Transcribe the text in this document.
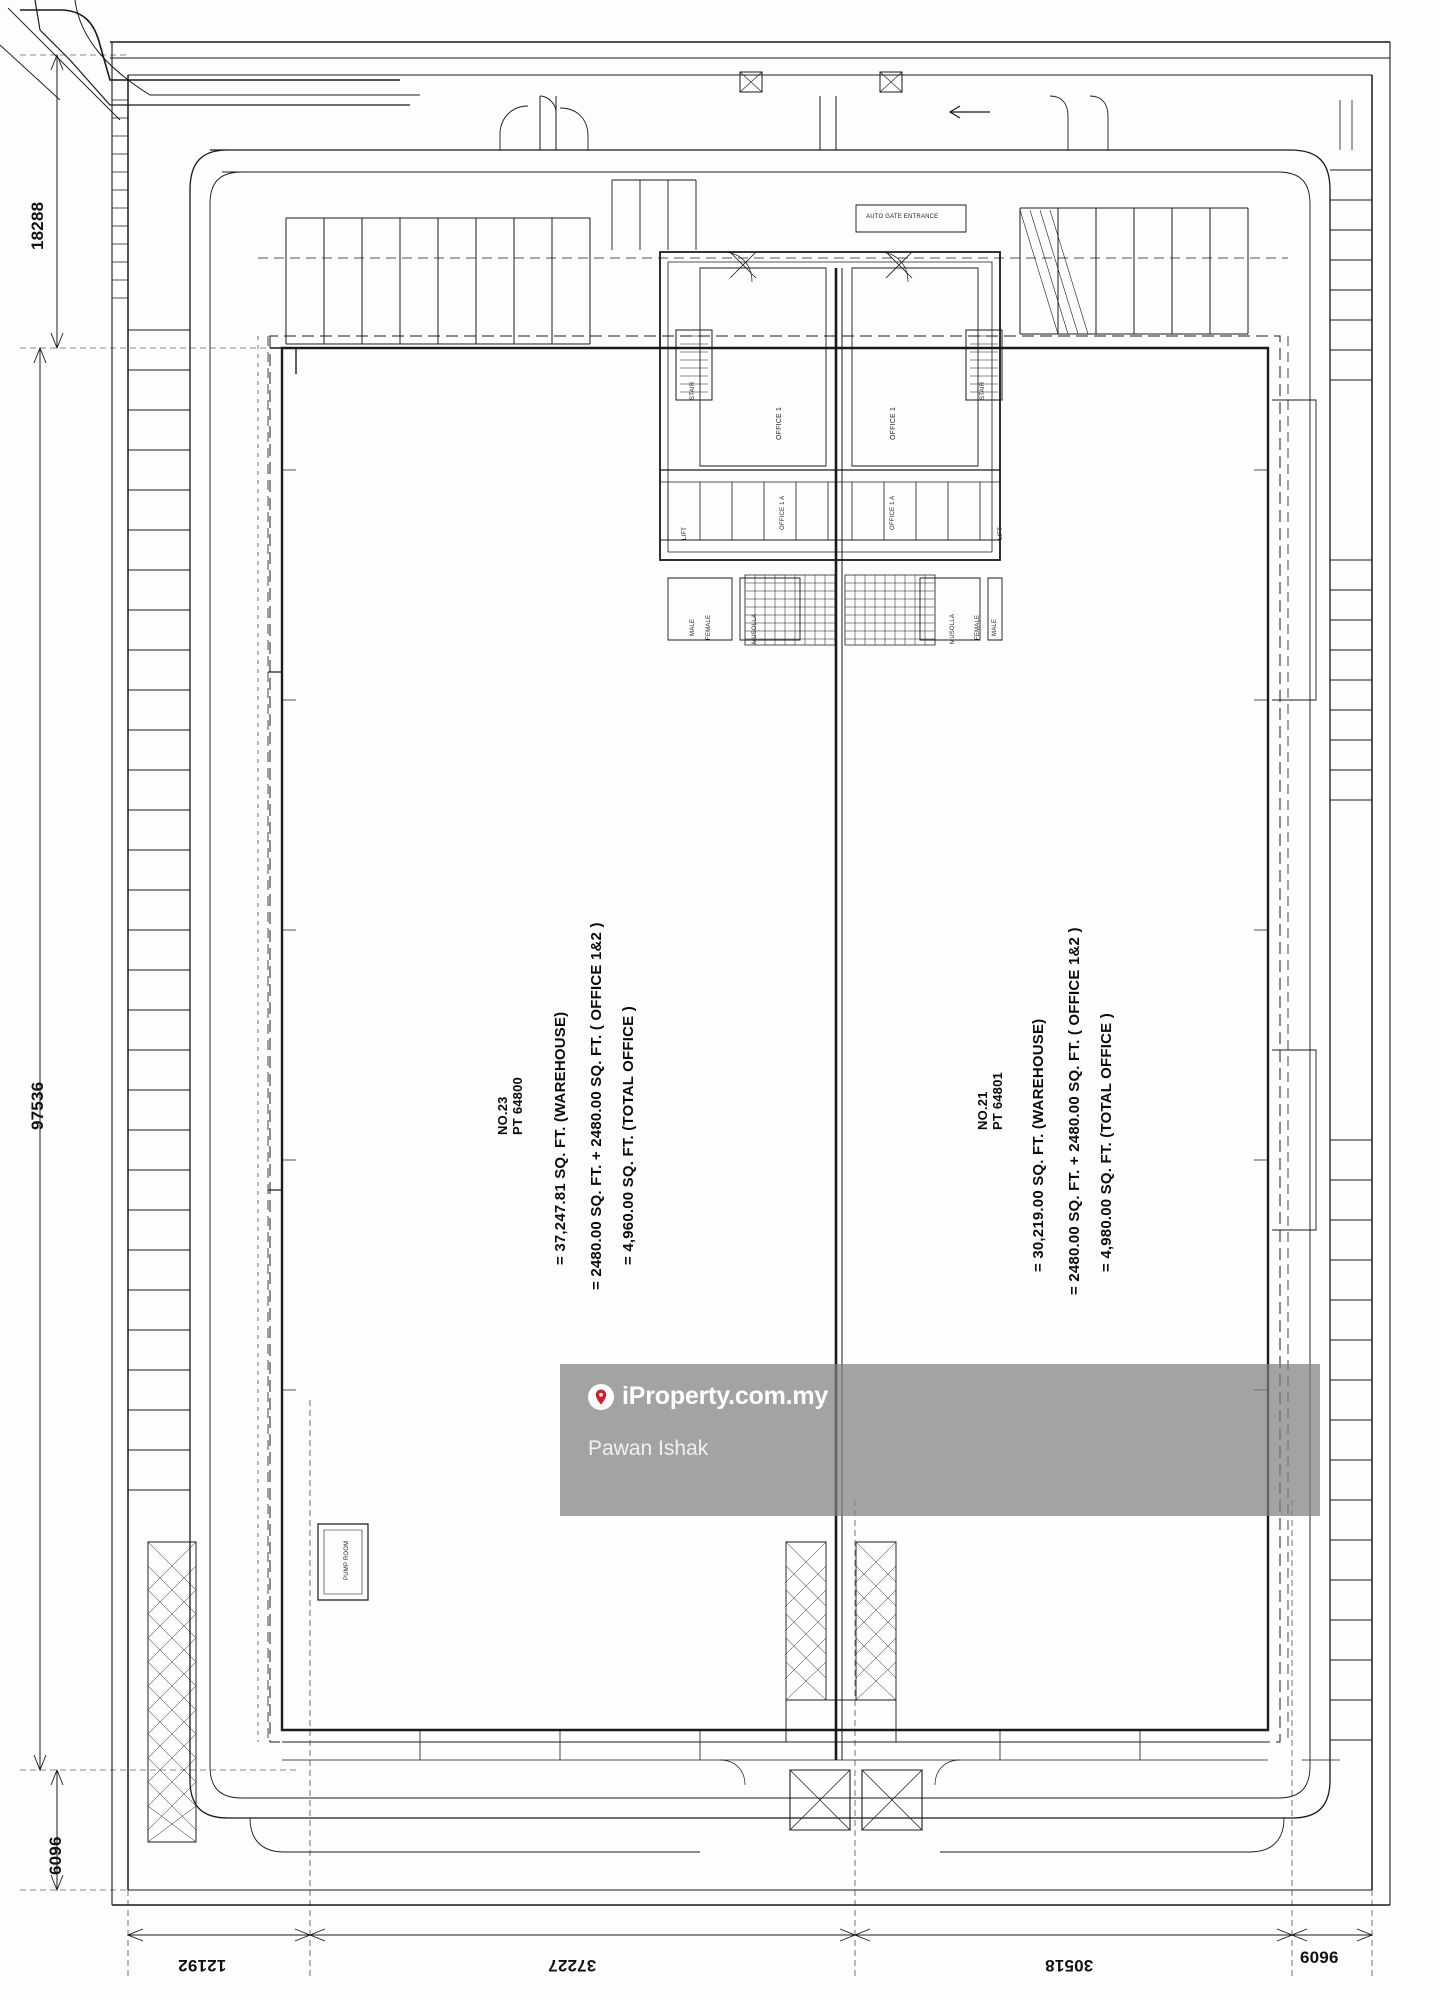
18288
97536
6096
12192	37227	30518	6096
NO.23 PT 64800 = 37,247.81 SQ. FT. (WAREHOUSE) = 2480.00 SQ. FT. + 2480.00 SQ. FT. ( OFFICE 1&2 ) = 4,960.00 SQ. FT. (TOTAL OFFICE )	NO.21 PT 64801 = 30,219.00 SQ. FT. (WAREHOUSE) = 2480.00 SQ. FT. + 2480.00 SQ. FT. ( OFFICE 1&2 ) = 4,980.00 SQ. FT. (TOTAL OFFICE )
OFFICE 1	OFFICE 1
OFFICE 1 A	OFFICE 1 A
MALE FEMALE	MUSOLLA	MUSOLLA	FEMALE MALE
STAIR	STAIR
LIFT	LIFT
PUMP ROOM
AUTO GATE ENTRANCE
iProperty.com.my
Pawan Ishak
